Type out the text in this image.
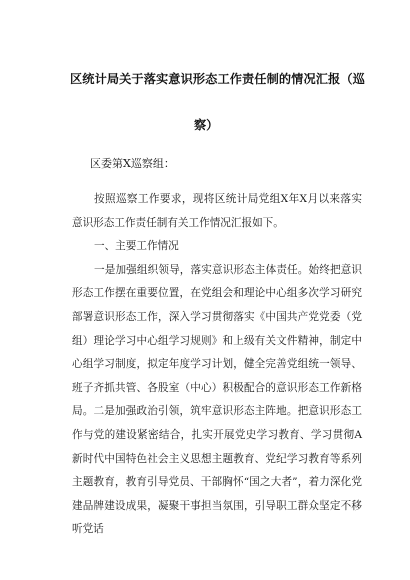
区统计局关于落实意识形态工作责任制的情况汇报（巡
察）
区委第X巡察组：

按照巡察工作要求，现将区统计局党组X年X月以来落实意识形态工作责任制有关工作情况汇报如下。

一、主要工作情况

一是加强组织领导，落实意识形态主体责任。始终把意识形态工作摆在重要位置，在党组会和理论中心组多次学习研究部署意识形态工作，深入学习贯彻落实《中国共产党党委（党组）理论学习中心组学习规则》和上级有关文件精神，制定中心组学习制度，拟定年度学习计划，健全完善党组统一领导、班子齐抓共管、各股室（中心）积极配合的意识形态工作新格局。二是加强政治引领，筑牢意识形态主阵地。把意识形态工作与党的建设紧密结合，扎实开展党史学习教育、学习贯彻A新时代中国特色社会主义思想主题教育、党纪学习教育等系列主题教育，教育引导党员、干部胸怀“国之大者”，着力深化党建品牌建设成果，凝聚干事担当氛围，引导职工群众坚定不移听党话
